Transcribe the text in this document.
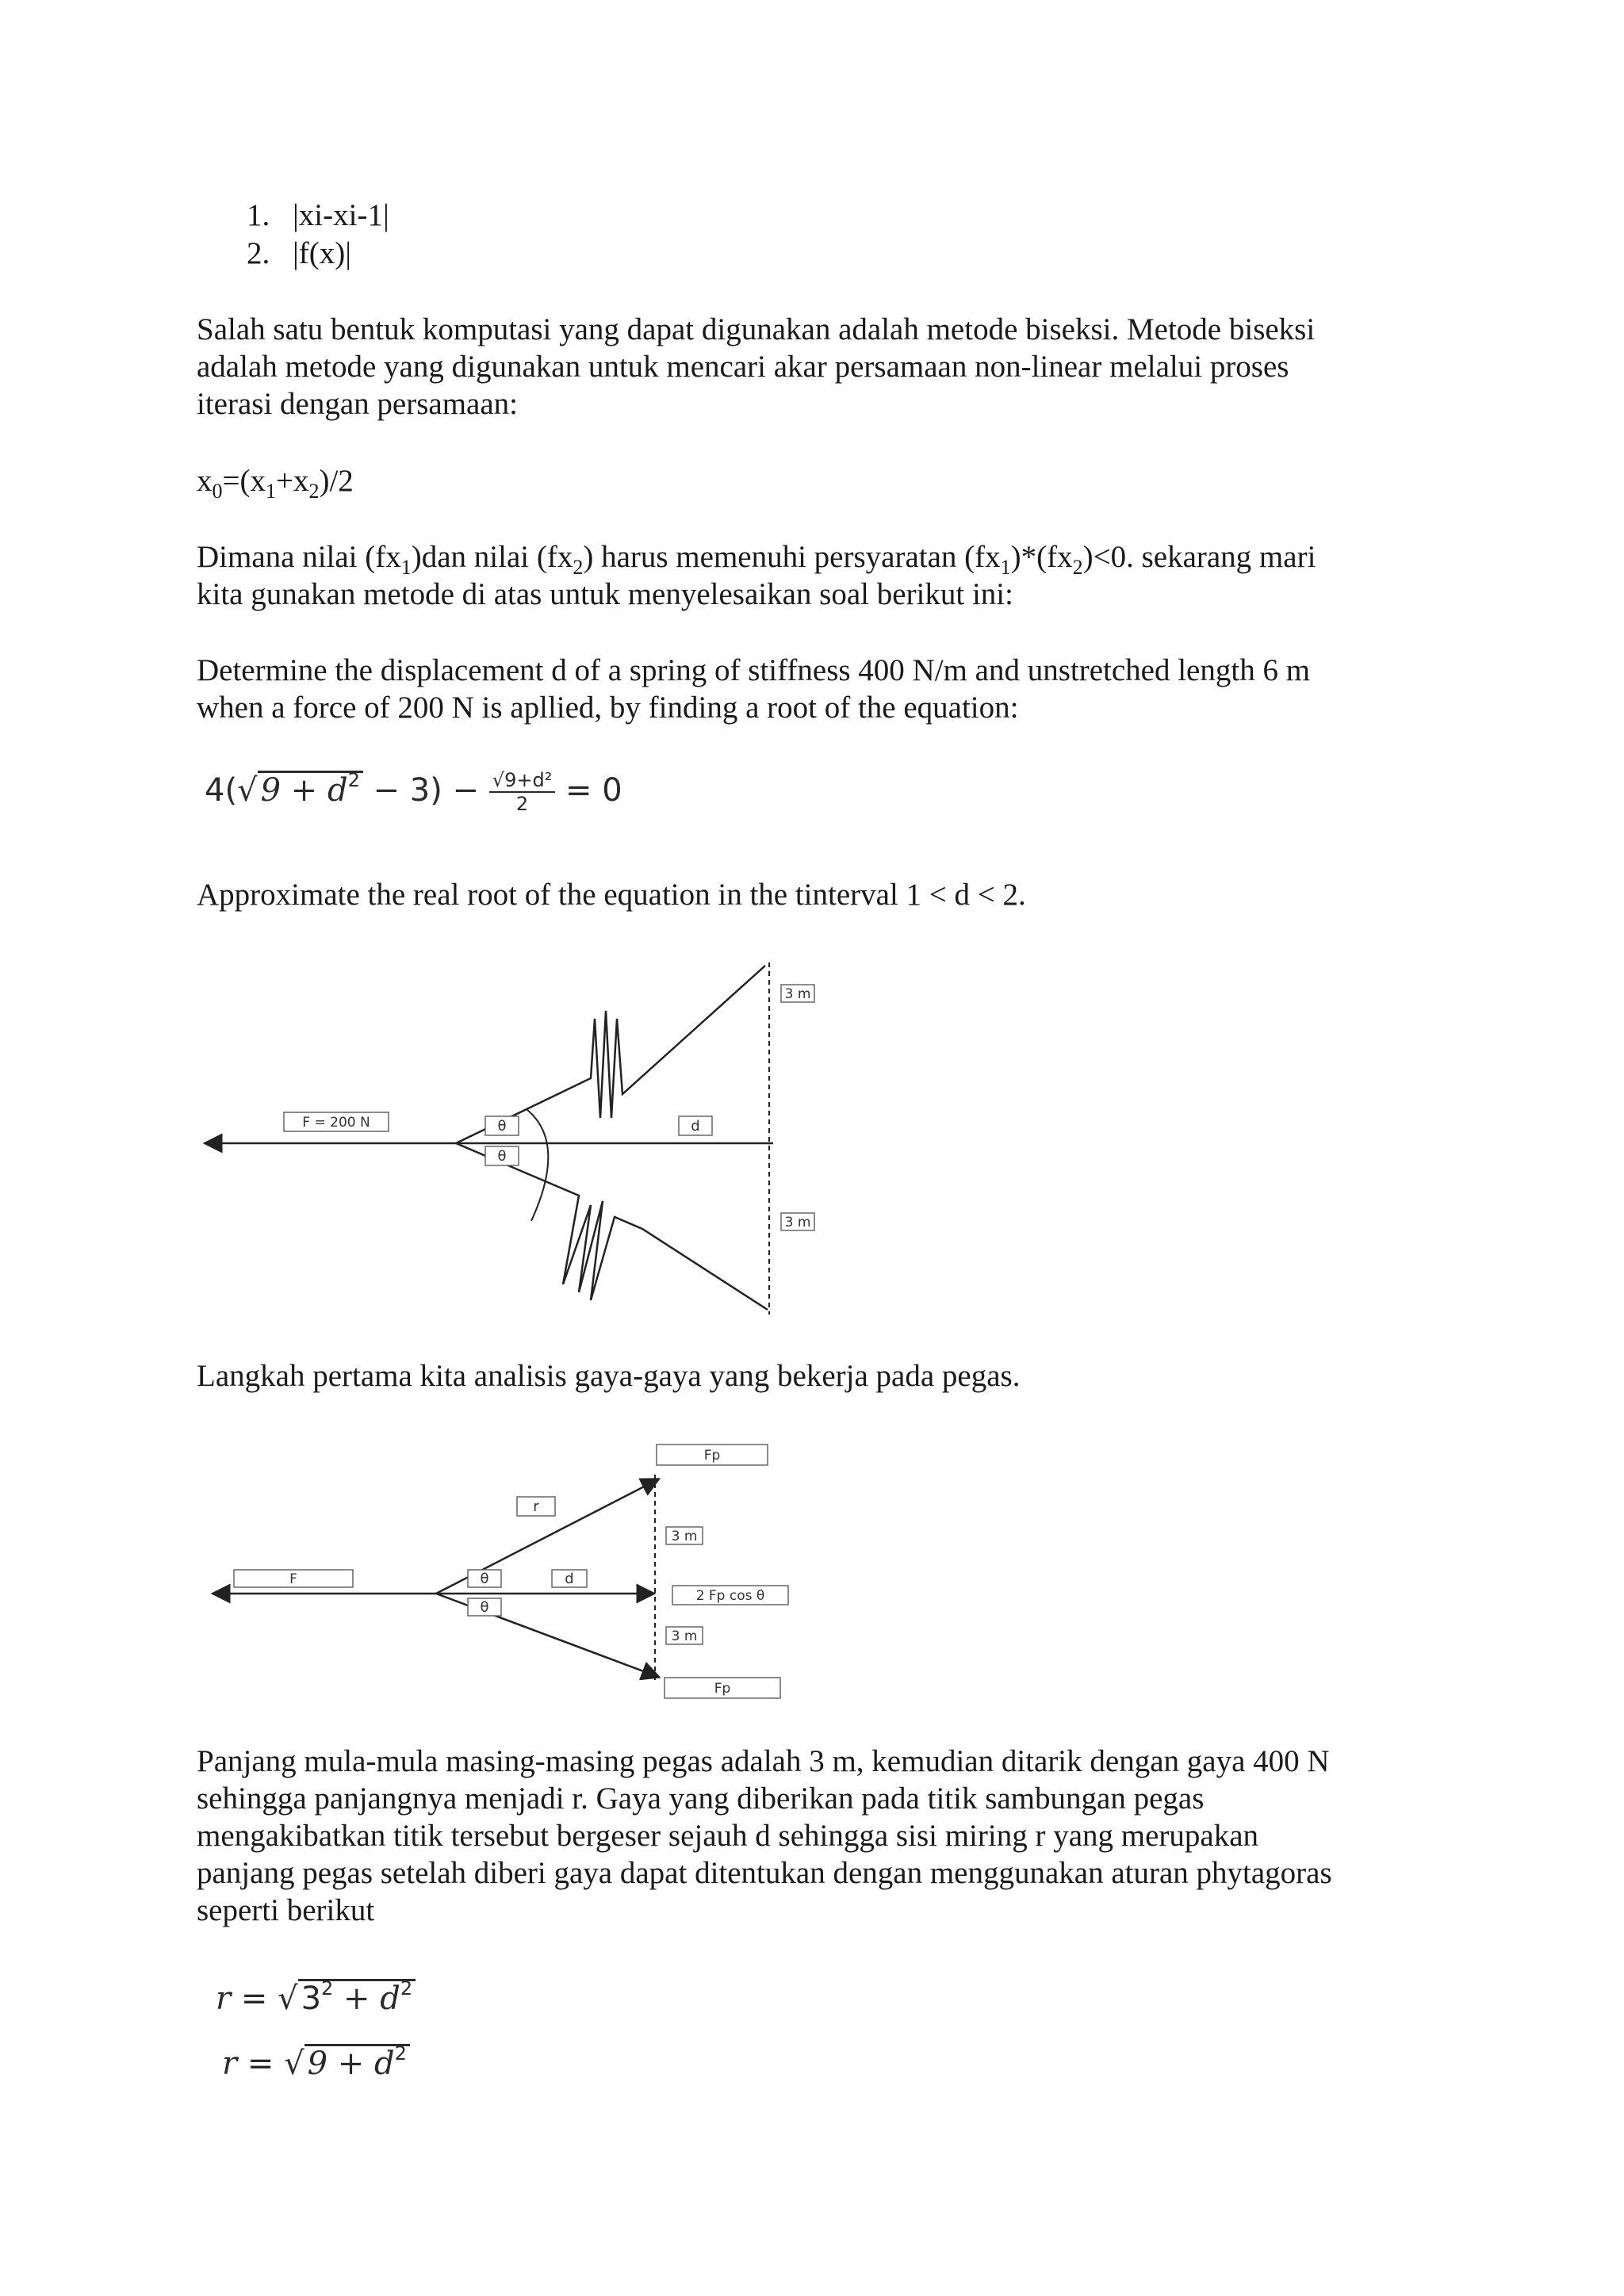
1. |xi-xi-1|
2. |f(x)|
Salah satu bentuk komputasi yang dapat digunakan adalah metode biseksi. Metode biseksi
adalah metode yang digunakan untuk mencari akar persamaan non-linear melalui proses
iterasi dengan persamaan:
$x_0=(x_1+x_2)/2$
Dimana nilai $(fx_1)dan$ nilai $(fx_2)$ harus memenuhi persyaratan $(fx_1)*(fx_2)<0$. sekarang mari
kita gunakan metode di atas untuk menyelesaikan soal berikut ini:
Determine the displacement d of a spring of stiffness 400 N/m and unstretched length 6 m
when a force of 200 N is apllied, by finding a root of the equation:
4(√ $9 + d^2 - 3) - \frac{\text{√9+d²}}{2} = 0$
Approximate the real root of the equation in the tinterval 1 < d < 2.
F = 200 N	θ
θ
d
3 m
3 m
Langkah pertama kita analisis gaya-gaya yang bekerja pada pegas.
F
r
θ
θ
d
Fp
3 m
2 Fp cos θ
3 m
Fp
Panjang mula-mula masing-masing pegas adalah 3 m, kemudian ditarik dengan gaya 400 N
sehingga panjangnya menjadi r. Gaya yang diberikan pada titik sambungan pegas
mengakibatkan titik tersebut bergeser sejauh d sehingga sisi miring r yang merupakan
panjang pegas setelah diberi gaya dapat ditentukan dengan menggunakan aturan phytagoras
seperti berikut
r = √ $3^2 + d^2$
r = √ $9 + d^2$
